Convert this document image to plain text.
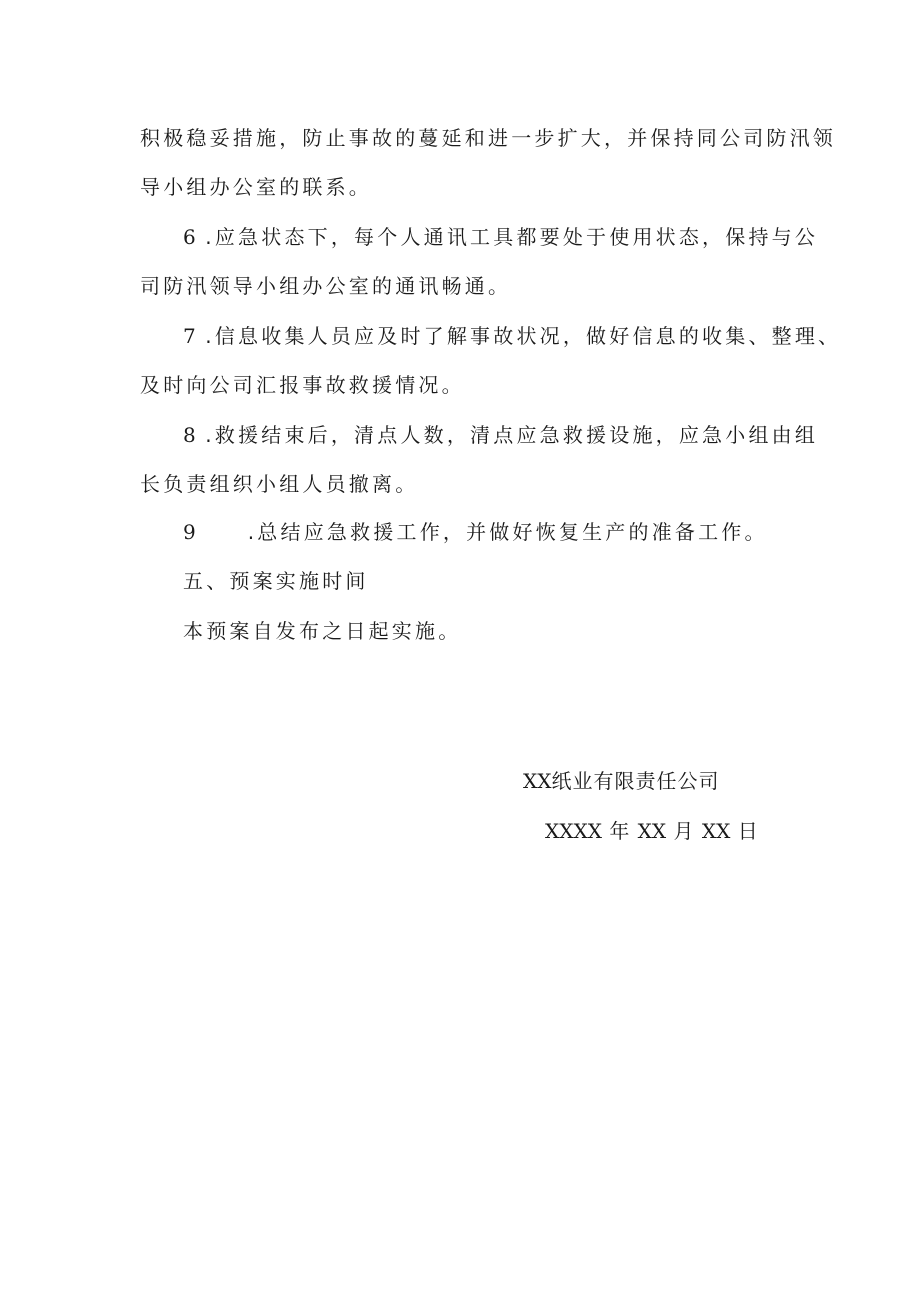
积极稳妥措施，防止事故的蔓延和进一步扩大，并保持同公司防汛领
导小组办公室的联系。
6 .应急状态下，每个人通讯工具都要处于使用状态，保持与公
司防汛领导小组办公室的通讯畅通。
7 .信息收集人员应及时了解事故状况，做好信息的收集、整理、
及时向公司汇报事故救援情况。
8 .救援结束后，清点人数，清点应急救援设施，应急小组由组
长负责组织小组人员撤离。
9	.总结应急救援工作，并做好恢复生产的准备工作。
五、预案实施时间
本预案自发布之日起实施。
XX纸业有限责任公司
XXXX 年 XX 月 XX 日
